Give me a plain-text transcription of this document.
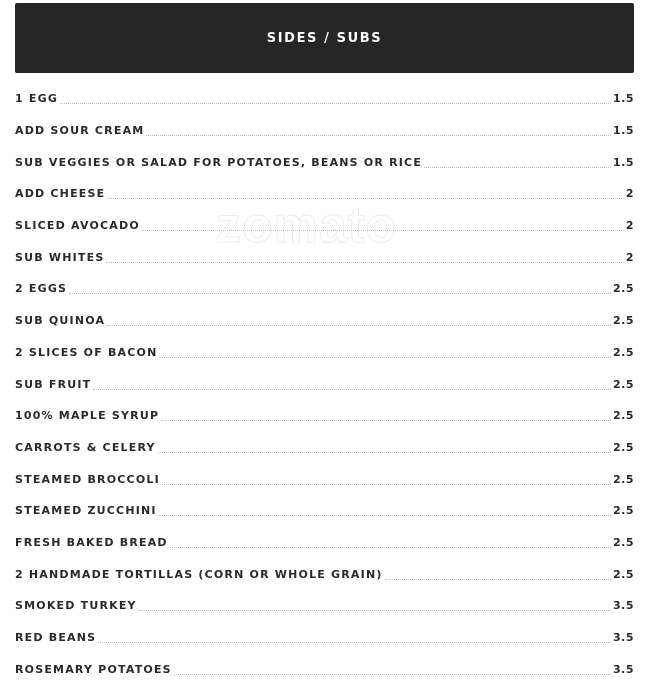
SIDES / SUBS
zomato
1 EGG	1.5
ADD SOUR CREAM	1.5
SUB VEGGIES OR SALAD FOR POTATOES, BEANS OR RICE	1.5
ADD CHEESE	2
SLICED AVOCADO	2
SUB WHITES	2
2 EGGS	2.5
SUB QUINOA	2.5
2 SLICES OF BACON	2.5
SUB FRUIT	2.5
100% MAPLE SYRUP	2.5
CARROTS & CELERY	2.5
STEAMED BROCCOLI	2.5
STEAMED ZUCCHINI	2.5
FRESH BAKED BREAD	2.5
2 HANDMADE TORTILLAS (CORN OR WHOLE GRAIN)	2.5
SMOKED TURKEY	3.5
RED BEANS	3.5
ROSEMARY POTATOES	3.5
